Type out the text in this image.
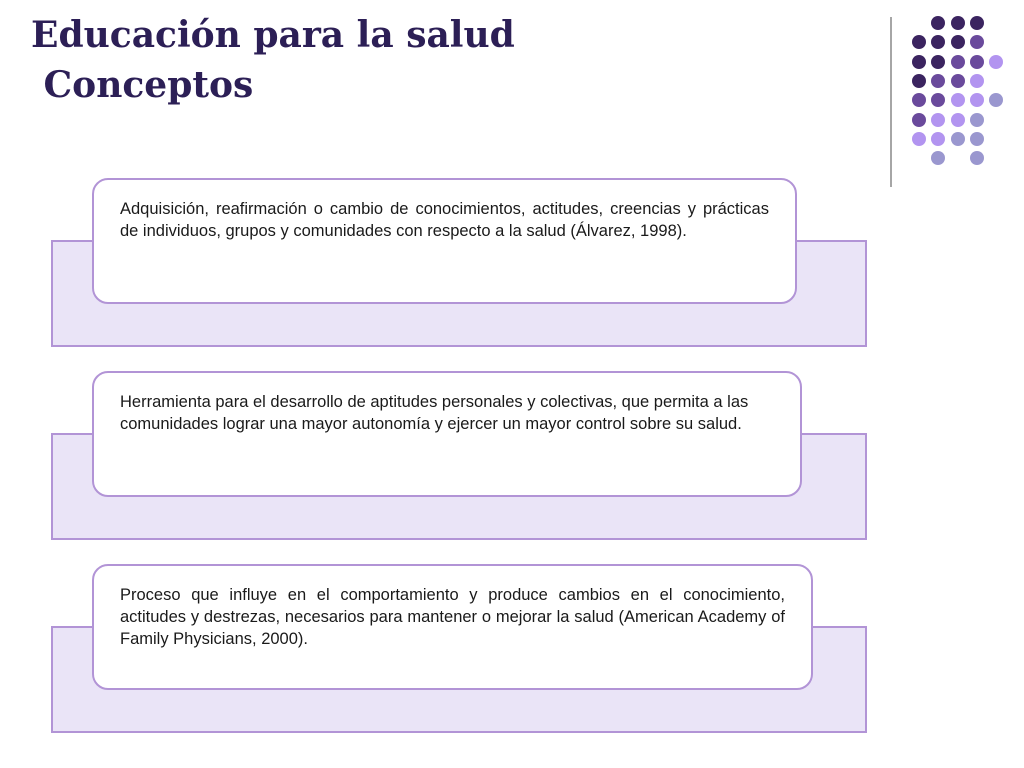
Educación para la salud
Conceptos
Adquisición, reafirmación o cambio de conocimientos, actitudes, creencias y prácticas de individuos, grupos y comunidades con respecto a la salud (Álvarez, 1998).
Herramienta para el desarrollo de aptitudes personales y colectivas, que permita a las comunidades lograr una mayor autonomía y ejercer un mayor control sobre su salud.
Proceso que influye en el comportamiento y produce cambios en el conocimiento, actitudes y destrezas, necesarios para mantener o mejorar la salud (American Academy of Family Physicians, 2000).
